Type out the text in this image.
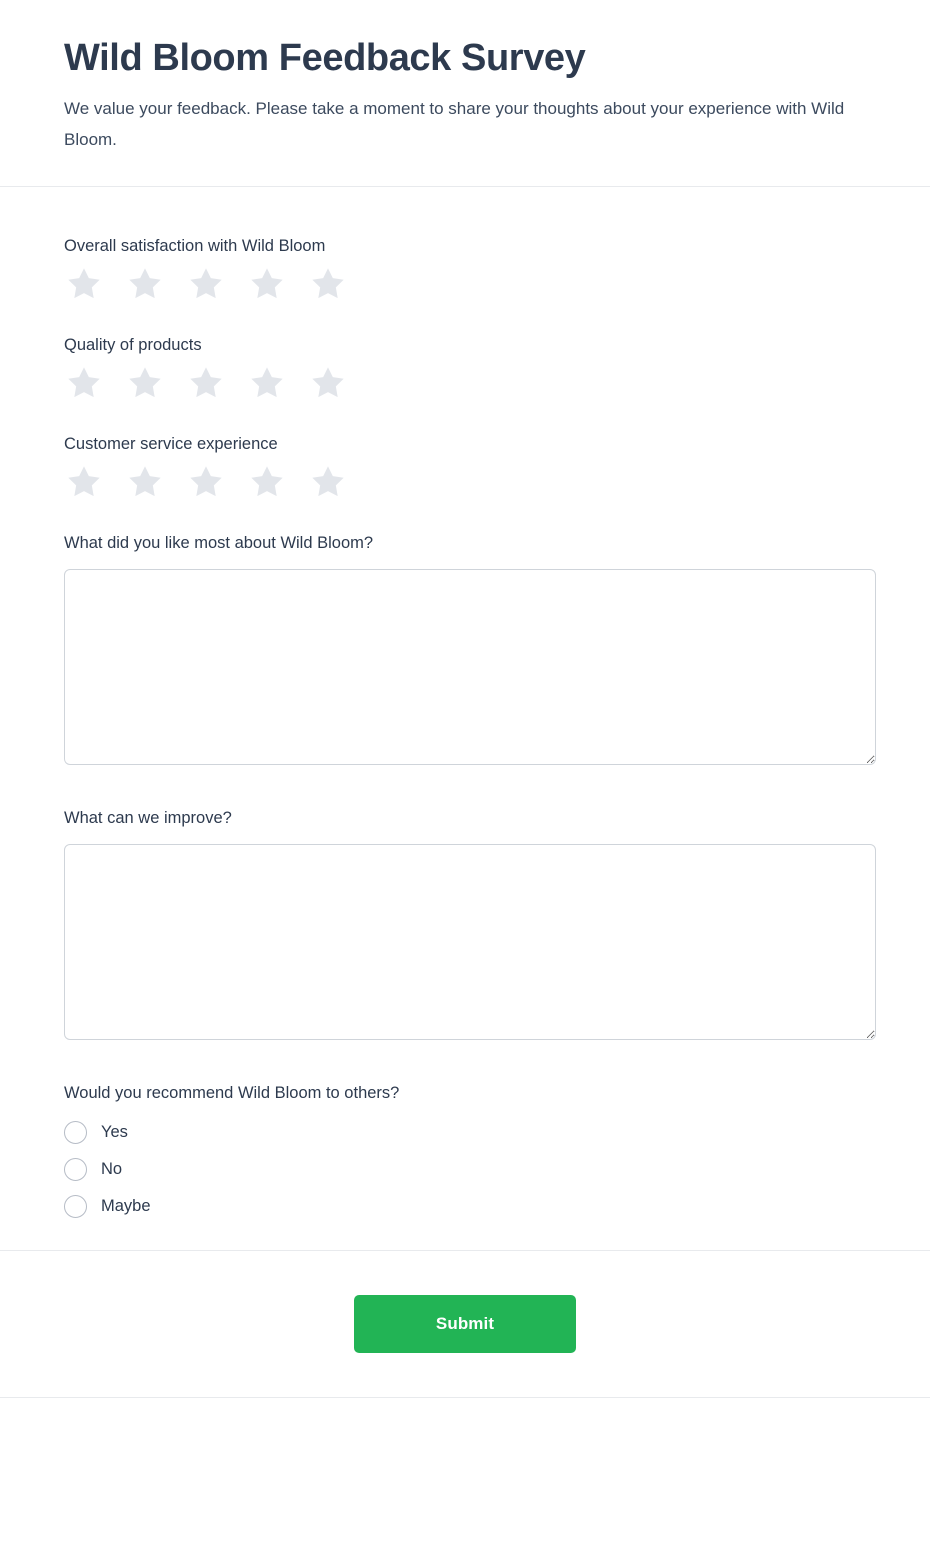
Wild Bloom Feedback Survey

We value your feedback. Please take a moment to share your thoughts about your experience with Wild Bloom.

Overall satisfaction with Wild Bloom
Quality of products
Customer service experience
What did you like most about Wild Bloom?
What can we improve?
Would you recommend Wild Bloom to others?
Yes
No
Maybe
Submit
